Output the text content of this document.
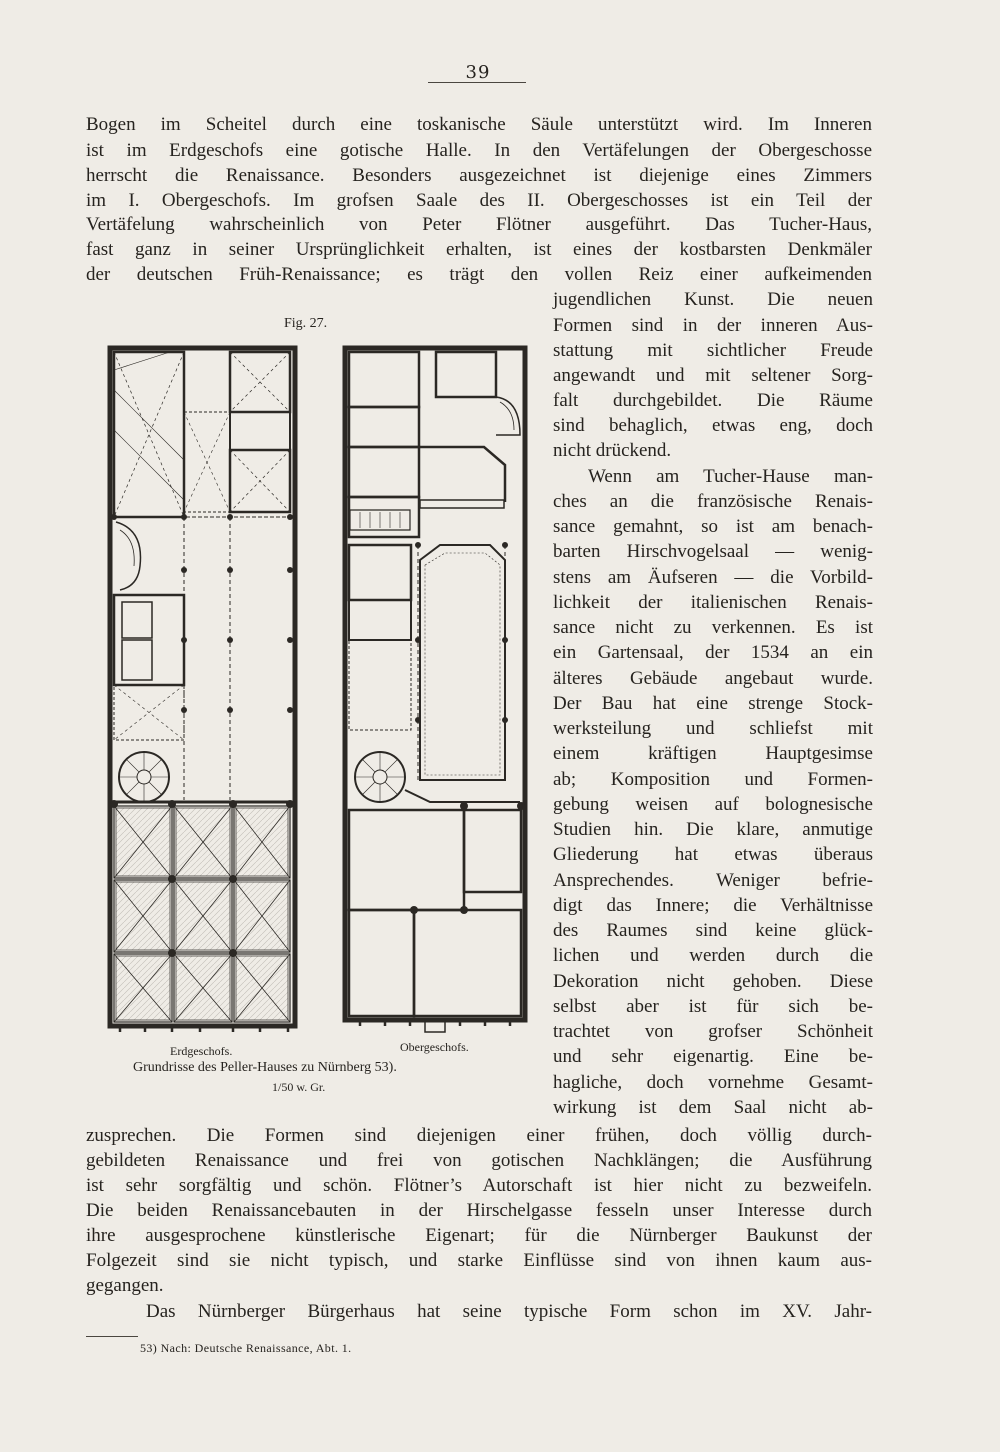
39
Bogen im Scheitel durch eine toskanische Säule unterstützt wird. Im Inneren
ist im Erdgeschofs eine gotische Halle. In den Vertäfelungen der Obergeschosse
herrscht die Renaissance. Besonders ausgezeichnet ist diejenige eines Zimmers
im I. Obergeschofs. Im grofsen Saale des II. Obergeschosses ist ein Teil der
Vertäfelung wahrscheinlich von Peter Flötner ausgeführt. Das Tucher-Haus,
fast ganz in seiner Ursprünglichkeit erhalten, ist eines der kostbarsten Denkmäler
der deutschen Früh-Renaissance; es trägt den vollen Reiz einer aufkeimenden
jugendlichen Kunst. Die neuen
Formen sind in der inneren Aus-
stattung mit sichtlicher Freude
angewandt und mit seltener Sorg-
falt durchgebildet. Die Räume
sind behaglich, etwas eng, doch
nicht drückend.
Wenn am Tucher-Hause man-
ches an die französische Renais-
sance gemahnt, so ist am benach-
barten Hirschvogelsaal — wenig-
stens am Äufseren — die Vorbild-
lichkeit der italienischen Renais-
sance nicht zu verkennen. Es ist
ein Gartensaal, der 1534 an ein
älteres Gebäude angebaut wurde.
Der Bau hat eine strenge Stock-
werksteilung und schliefst mit
einem kräftigen Hauptgesimse
ab; Komposition und Formen-
gebung weisen auf bolognesische
Studien hin. Die klare, anmutige
Gliederung hat etwas überaus
Ansprechendes. Weniger befrie-
digt das Innere; die Verhältnisse
des Raumes sind keine glück-
lichen und werden durch die
Dekoration nicht gehoben. Diese
selbst aber ist für sich be-
trachtet von grofser Schönheit
und sehr eigenartig. Eine be-
hagliche, doch vornehme Gesamt-
wirkung ist dem Saal nicht ab-
zusprechen. Die Formen sind diejenigen einer frühen, doch völlig durch-
gebildeten Renaissance und frei von gotischen Nachklängen; die Ausführung
ist sehr sorgfältig und schön. Flötner’s Autorschaft ist hier nicht zu bezweifeln.
Die beiden Renaissancebauten in der Hirschelgasse fesseln unser Interesse durch
ihre ausgesprochene künstlerische Eigenart; für die Nürnberger Baukunst der
Folgezeit sind sie nicht typisch, und starke Einflüsse sind von ihnen kaum aus-
gegangen.
Das Nürnberger Bürgerhaus hat seine typische Form schon im XV. Jahr-
Fig. 27.
Erdgeschofs.	Obergeschofs.
Grundrisse des Peller-Hauses zu Nürnberg 53).
1/50 w. Gr.
53) Nach: Deutsche Renaissance, Abt. 1.
